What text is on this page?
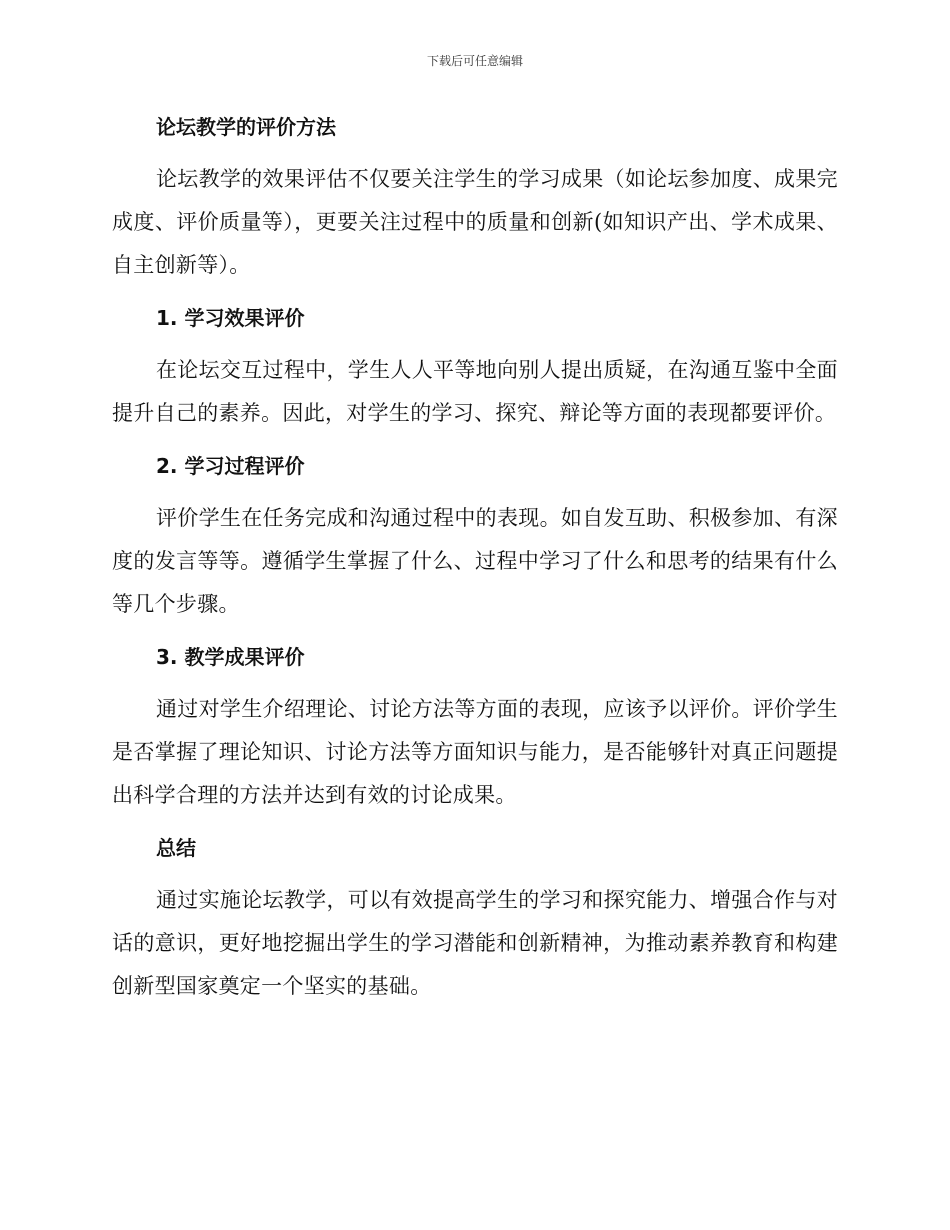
下载后可任意编辑
论坛教学的评价方法

论坛教学的效果评估不仅要关注学生的学习成果（如论坛参加度、成果完成度、评价质量等），更要关注过程中的质量和创新(如知识产出、学术成果、自主创新等）。

1. 学习效果评价

在论坛交互过程中，学生人人平等地向别人提出质疑，在沟通互鉴中全面提升自己的素养。因此，对学生的学习、探究、辩论等方面的表现都要评价。

2. 学习过程评价

评价学生在任务完成和沟通过程中的表现。如自发互助、积极参加、有深度的发言等等。遵循学生掌握了什么、过程中学习了什么和思考的结果有什么等几个步骤。

3. 教学成果评价

通过对学生介绍理论、讨论方法等方面的表现，应该予以评价。评价学生是否掌握了理论知识、讨论方法等方面知识与能力，是否能够针对真正问题提出科学合理的方法并达到有效的讨论成果。

总结

通过实施论坛教学，可以有效提高学生的学习和探究能力、增强合作与对话的意识，更好地挖掘出学生的学习潜能和创新精神，为推动素养教育和构建创新型国家奠定一个坚实的基础。
